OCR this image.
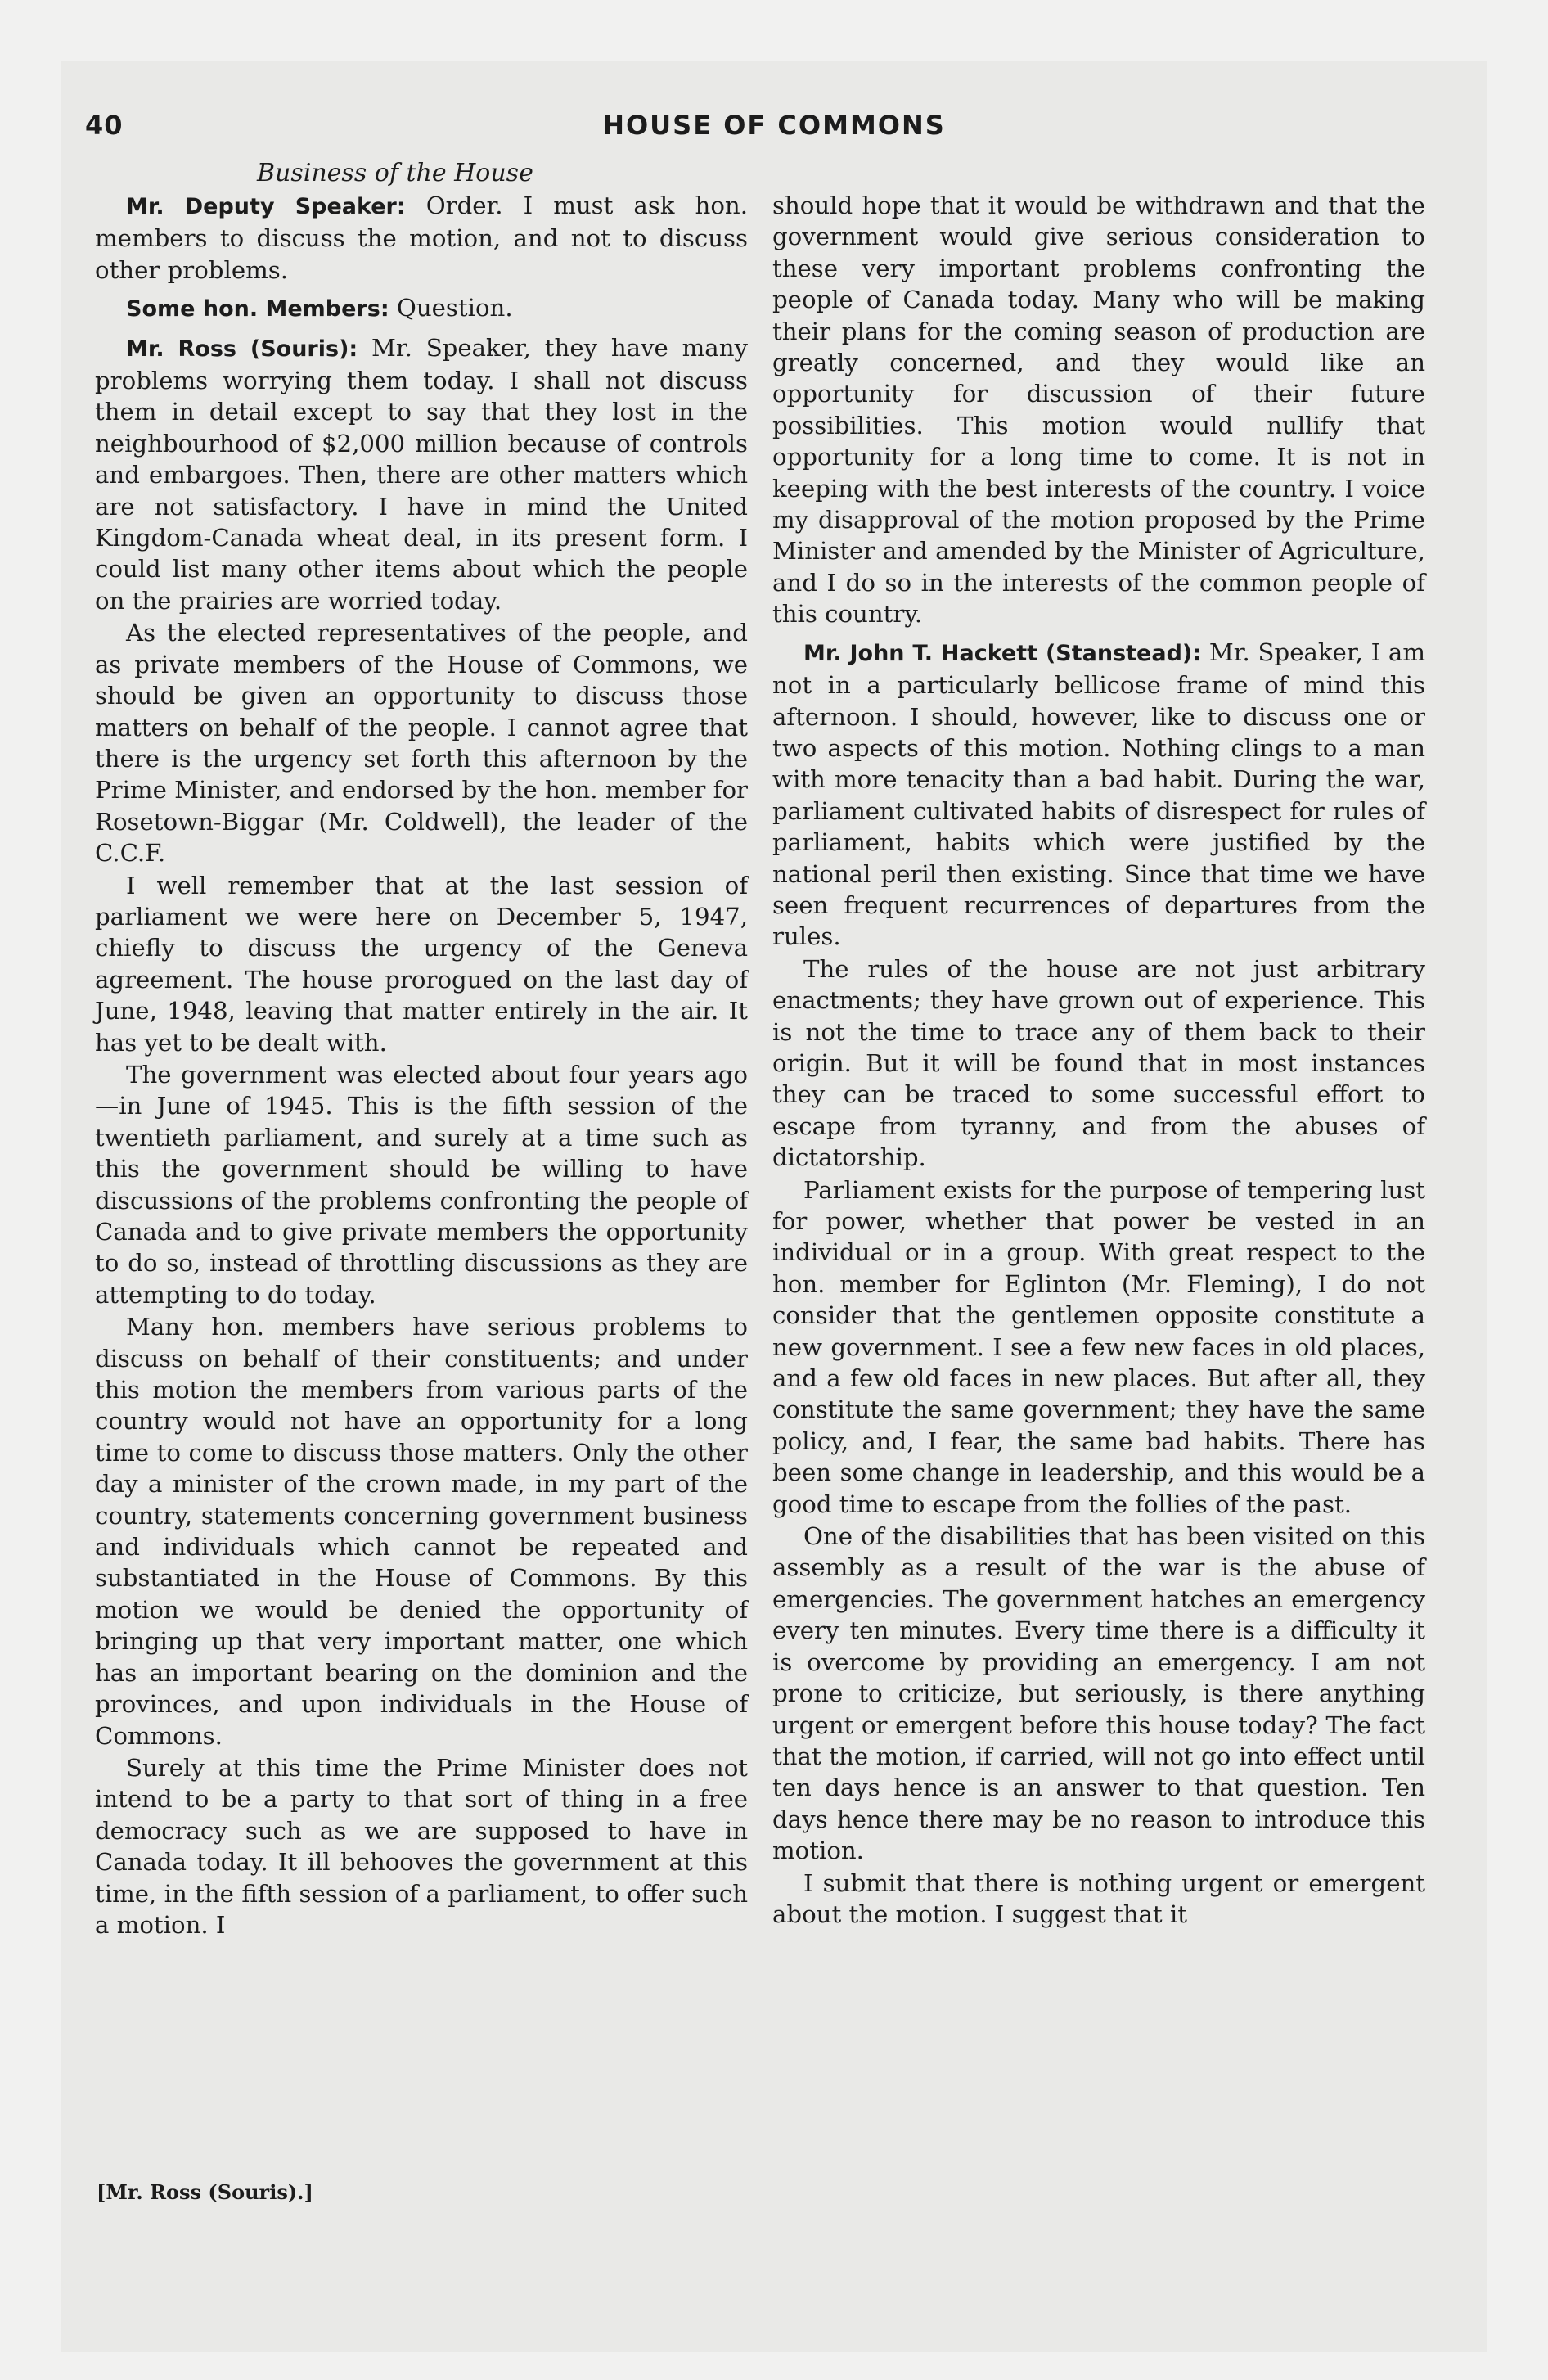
40	HOUSE OF COMMONS
Business of the House

Mr. Deputy Speaker: Order. I must ask hon. members to discuss the motion, and not to discuss other problems.

Some hon. Members: Question.

Mr. Ross (Souris): Mr. Speaker, they have many problems worrying them today. I shall not discuss them in detail except to say that they lost in the neighbourhood of $2,000 million because of controls and embargoes. Then, there are other matters which are not satisfactory. I have in mind the United Kingdom-Canada wheat deal, in its present form. I could list many other items about which the people on the prairies are worried today.

As the elected representatives of the people, and as private members of the House of Commons, we should be given an opportunity to discuss those matters on behalf of the people. I cannot agree that there is the urgency set forth this afternoon by the Prime Minister, and endorsed by the hon. member for Rosetown-Biggar (Mr. Coldwell), the leader of the C.C.F.

I well remember that at the last session of parliament we were here on December 5, 1947, chiefly to discuss the urgency of the Geneva agreement. The house prorogued on the last day of June, 1948, leaving that matter entirely in the air. It has yet to be dealt with.

The government was elected about four years ago—in June of 1945. This is the fifth session of the twentieth parliament, and surely at a time such as this the government should be willing to have discussions of the problems confronting the people of Canada and to give private members the opportunity to do so, instead of throttling discussions as they are attempting to do today.

Many hon. members have serious problems to discuss on behalf of their constituents; and under this motion the members from various parts of the country would not have an opportunity for a long time to come to discuss those matters. Only the other day a minister of the crown made, in my part of the country, statements concerning government business and individuals which cannot be repeated and substantiated in the House of Commons. By this motion we would be denied the opportunity of bringing up that very important matter, one which has an important bearing on the dominion and the provinces, and upon individuals in the House of Commons.

Surely at this time the Prime Minister does not intend to be a party to that sort of thing in a free democracy such as we are supposed to have in Canada today. It ill behooves the government at this time, in the fifth session of a parliament, to offer such a motion. I

should hope that it would be withdrawn and that the government would give serious consideration to these very important problems confronting the people of Canada today. Many who will be making their plans for the coming season of production are greatly concerned, and they would like an opportunity for discussion of their future possibilities. This motion would nullify that opportunity for a long time to come. It is not in keeping with the best interests of the country. I voice my disapproval of the motion proposed by the Prime Minister and amended by the Minister of Agriculture, and I do so in the interests of the common people of this country.

Mr. John T. Hackett (Stanstead): Mr. Speaker, I am not in a particularly bellicose frame of mind this afternoon. I should, however, like to discuss one or two aspects of this motion. Nothing clings to a man with more tenacity than a bad habit. During the war, parliament cultivated habits of disrespect for rules of parliament, habits which were justified by the national peril then existing. Since that time we have seen frequent recurrences of departures from the rules.

The rules of the house are not just arbitrary enactments; they have grown out of experience. This is not the time to trace any of them back to their origin. But it will be found that in most instances they can be traced to some successful effort to escape from tyranny, and from the abuses of dictatorship.

Parliament exists for the purpose of tempering lust for power, whether that power be vested in an individual or in a group. With great respect to the hon. member for Eglinton (Mr. Fleming), I do not consider that the gentlemen opposite constitute a new government. I see a few new faces in old places, and a few old faces in new places. But after all, they constitute the same government; they have the same policy, and, I fear, the same bad habits. There has been some change in leadership, and this would be a good time to escape from the follies of the past.

One of the disabilities that has been visited on this assembly as a result of the war is the abuse of emergencies. The government hatches an emergency every ten minutes. Every time there is a difficulty it is overcome by providing an emergency. I am not prone to criticize, but seriously, is there anything urgent or emergent before this house today? The fact that the motion, if carried, will not go into effect until ten days hence is an answer to that question. Ten days hence there may be no reason to introduce this motion.

I submit that there is nothing urgent or emergent about the motion. I suggest that it

[Mr. Ross (Souris).]
